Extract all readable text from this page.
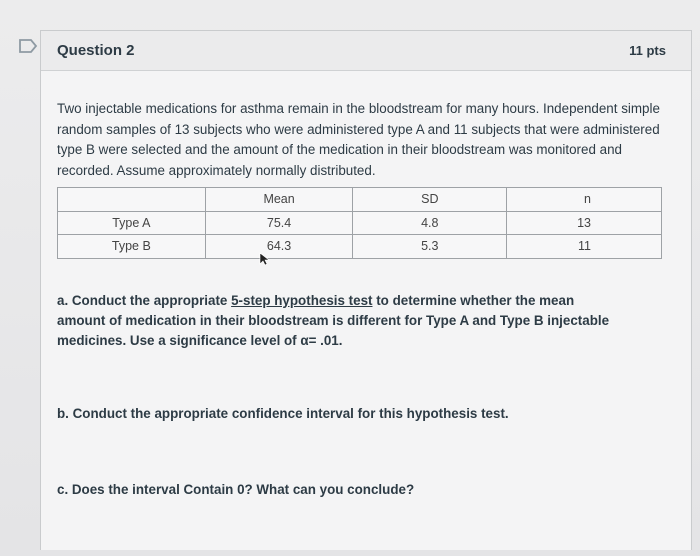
Question 2	11 pts

Two injectable medications for asthma remain in the bloodstream for many hours. Independent simple random samples of 13 subjects who were administered type A and 11 subjects that were administered type B were selected and the amount of the medication in their bloodstream was monitored and recorded. Assume approximately normally distributed.

	Mean	SD	n
Type A	75.4	4.8	13
Type B	64.3	5.3	11

a. Conduct the appropriate 5-step hypothesis test to determine whether the mean amount of medication in their bloodstream is different for Type A and Type B injectable medicines. Use a significance level of α= .01.

b. Conduct the appropriate confidence interval for this hypothesis test.

c. Does the interval Contain 0? What can you conclude?
